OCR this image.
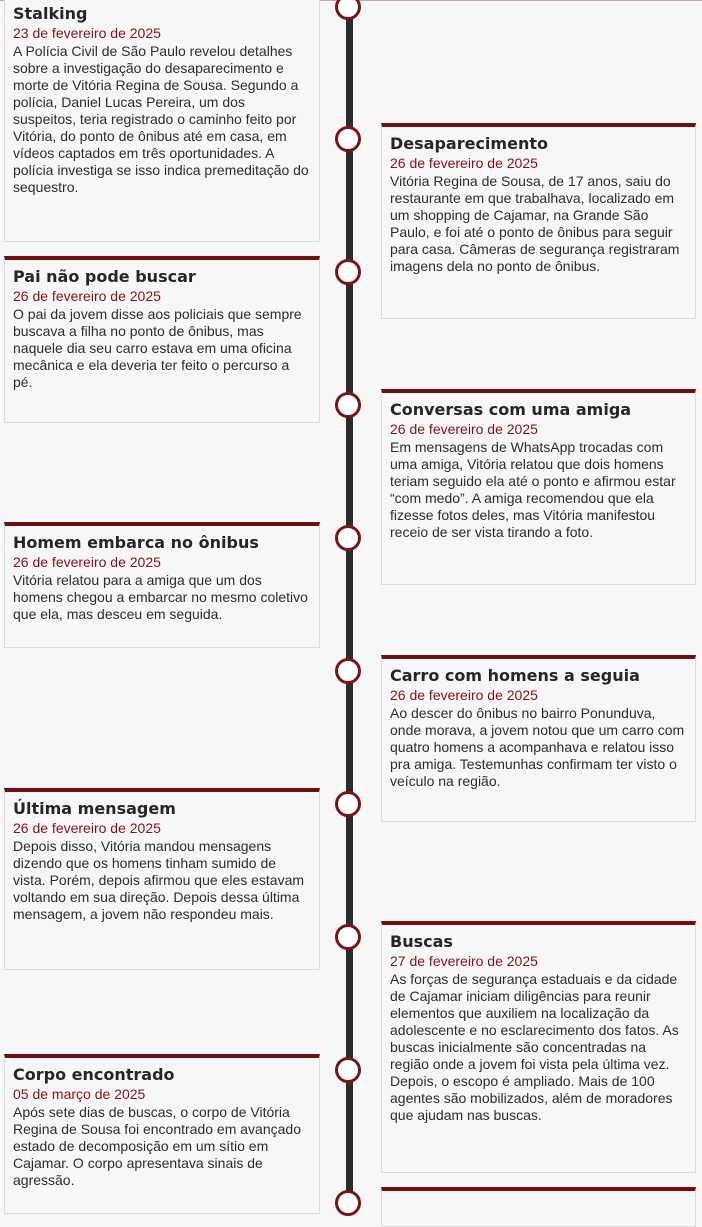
Stalking
23 de fevereiro de 2025
A Polícia Civil de São Paulo revelou detalhes sobre a investigação do desaparecimento e morte de Vitória Regina de Sousa. Segundo a polícia, Daniel Lucas Pereira, um dos suspeitos, teria registrado o caminho feito por Vitória, do ponto de ônibus até em casa, em vídeos captados em três oportunidades. A polícia investiga se isso indica premeditação do sequestro.
Desaparecimento
26 de fevereiro de 2025
Vitória Regina de Sousa, de 17 anos, saiu do restaurante em que trabalhava, localizado em um shopping de Cajamar, na Grande São Paulo, e foi até o ponto de ônibus para seguir para casa. Câmeras de segurança registraram imagens dela no ponto de ônibus.
Pai não pode buscar
26 de fevereiro de 2025
O pai da jovem disse aos policiais que sempre buscava a filha no ponto de ônibus, mas naquele dia seu carro estava em uma oficina mecânica e ela deveria ter feito o percurso a pé.
Conversas com uma amiga
26 de fevereiro de 2025
Em mensagens de WhatsApp trocadas com uma amiga, Vitória relatou que dois homens teriam seguido ela até o ponto e afirmou estar “com medo”. A amiga recomendou que ela fizesse fotos deles, mas Vitória manifestou receio de ser vista tirando a foto.
Homem embarca no ônibus
26 de fevereiro de 2025
Vitória relatou para a amiga que um dos homens chegou a embarcar no mesmo coletivo que ela, mas desceu em seguida.
Carro com homens a seguia
26 de fevereiro de 2025
Ao descer do ônibus no bairro Ponunduva, onde morava, a jovem notou que um carro com quatro homens a acompanhava e relatou isso pra amiga. Testemunhas confirmam ter visto o veículo na região.
Última mensagem
26 de fevereiro de 2025
Depois disso, Vitória mandou mensagens dizendo que os homens tinham sumido de vista. Porém, depois afirmou que eles estavam voltando em sua direção. Depois dessa última mensagem, a jovem não respondeu mais.
Buscas
27 de fevereiro de 2025
As forças de segurança estaduais e da cidade de Cajamar iniciam diligências para reunir elementos que auxiliem na localização da adolescente e no esclarecimento dos fatos. As buscas inicialmente são concentradas na região onde a jovem foi vista pela última vez. Depois, o escopo é ampliado. Mais de 100 agentes são mobilizados, além de moradores que ajudam nas buscas.
Corpo encontrado
05 de março de 2025
Após sete dias de buscas, o corpo de Vitória Regina de Sousa foi encontrado em avançado estado de decomposição em um sítio em Cajamar. O corpo apresentava sinais de agressão.
